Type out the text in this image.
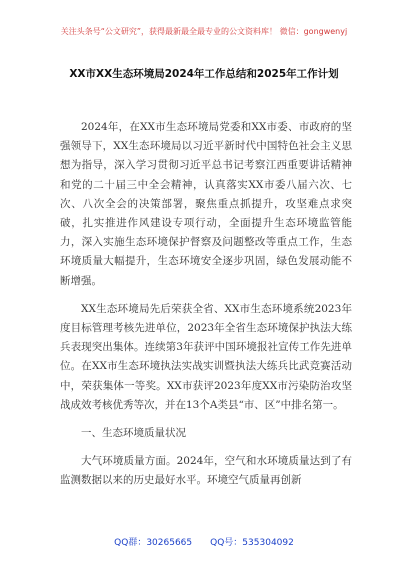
关注头条号“公文研究”，获得最新最全最专业的公文资料库！ 微信：gongwenyj
XX市XX生态环境局2024年工作总结和2025年工作计划

2024年，在XX市生态环境局党委和XX市委、市政府的坚强领导下，XX生态环境局以习近平新时代中国特色社会主义思想为指导，深入学习贯彻习近平总书记考察江西重要讲话精神和党的二十届三中全会精神，认真落实XX市委八届六次、七次、八次全会的决策部署，聚焦重点抓提升，攻坚难点求突破，扎实推进作风建设专项行动，全面提升生态环境监管能力，深入实施生态环境保护督察及问题整改等重点工作，生态环境质量大幅提升，生态环境安全逐步巩固，绿色发展动能不断增强。

XX生态环境局先后荣获全省、XX市生态环境系统2023年度目标管理考核先进单位，2023年全省生态环境保护执法大练兵表现突出集体。连续第3年获评中国环境报社宣传工作先进单位。在XX市生态环境执法实战实训暨执法大练兵比武竞赛活动中，荣获集体一等奖。XX市获评2023年度XX市污染防治攻坚战成效考核优秀等次，并在13个A类县“市、区”中排名第一。

一、生态环境质量状况

大气环境质量方面。2024年，空气和水环境质量达到了有监测数据以来的历史最好水平。环境空气质量再创新

QQ群：30265665 QQ号：535304092
